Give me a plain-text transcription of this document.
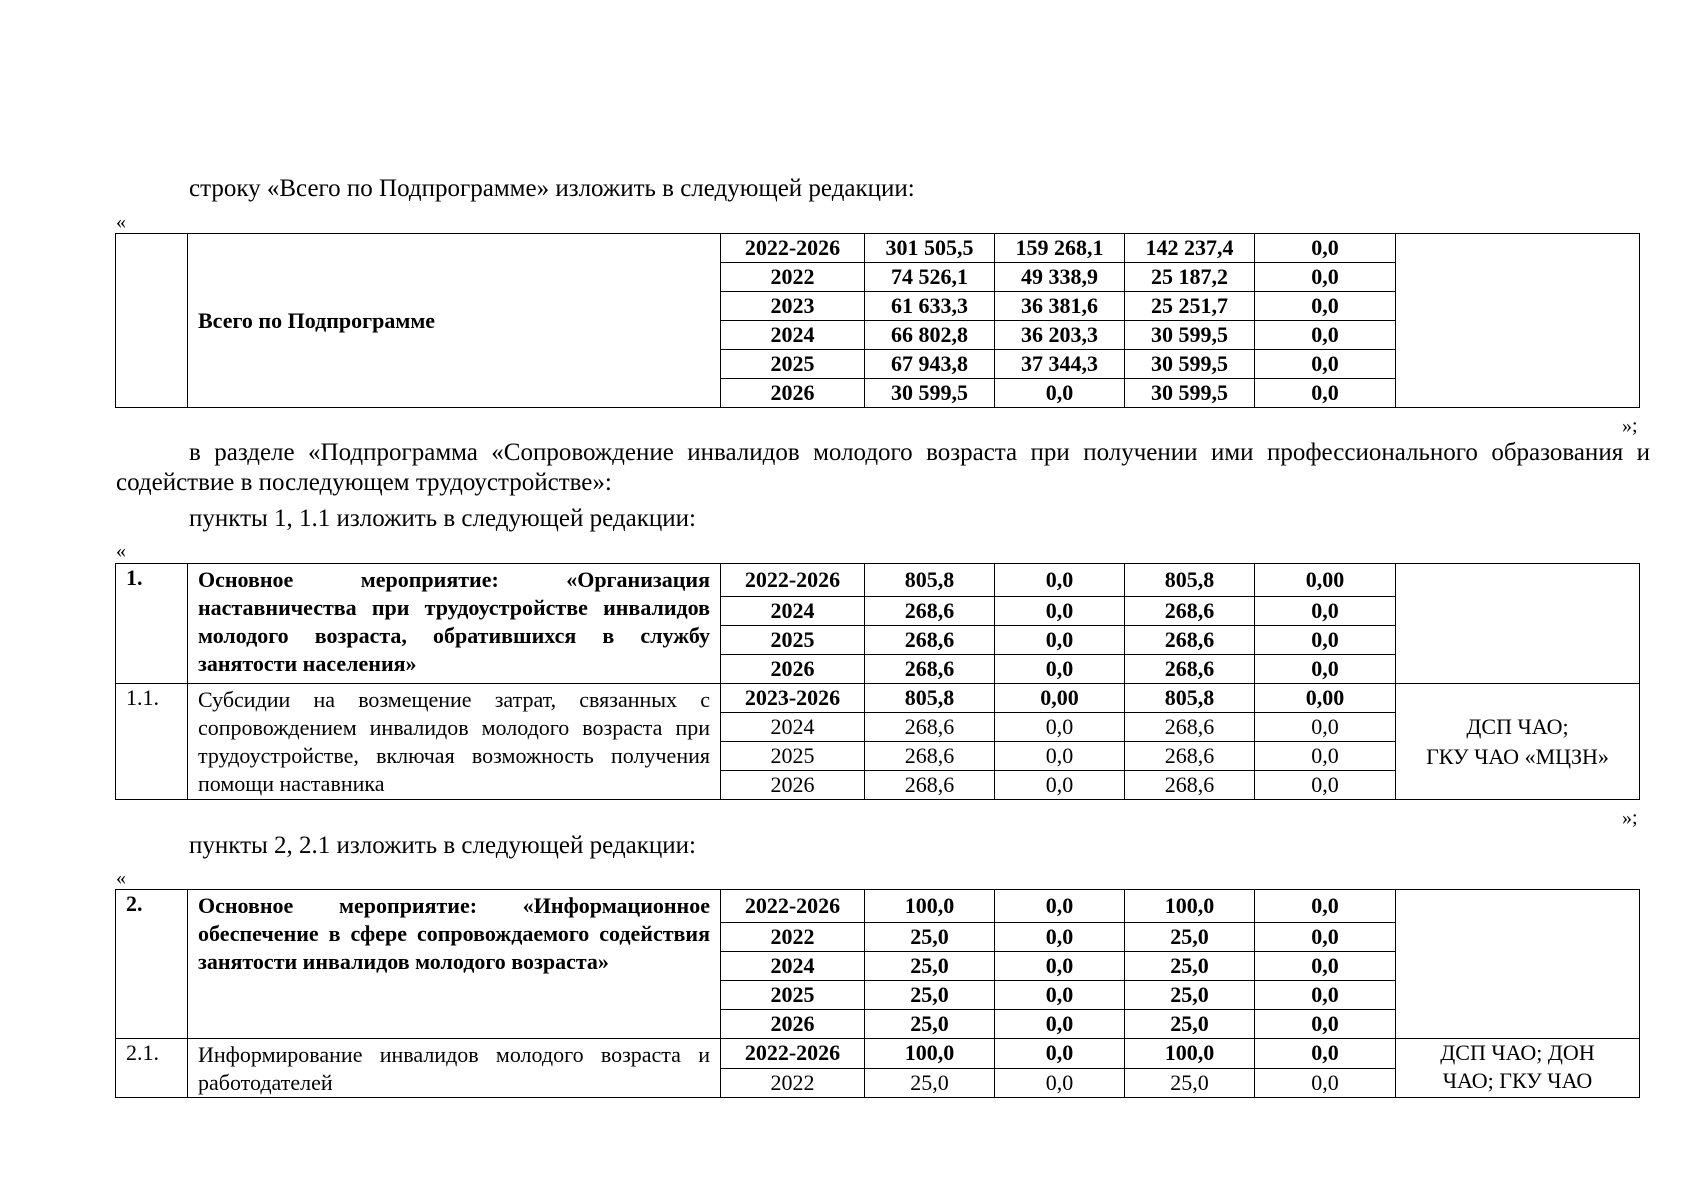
строку «Всего по Подпрограмме» изложить в следующей редакции:
«
	Всего по Подпрограмме	2022-2026	301 505,5	159 268,1	142 237,4	0,0	
		2022	74 526,1	49 338,9	25 187,2	0,0	
		2023	61 633,3	36 381,6	25 251,7	0,0	
		2024	66 802,8	36 203,3	30 599,5	0,0	
		2025	67 943,8	37 344,3	30 599,5	0,0	
		2026	30 599,5	0,0	30 599,5	0,0	
»;
в разделе «Подпрограмма «Сопровождение инвалидов молодого возраста при получении ими профессионального образования и содействие в последующем трудоустройстве»:
пункты 1, 1.1 изложить в следующей редакции:
«
1.	Основное мероприятие: «Организация наставничества при трудоустройстве инвалидов молодого возраста, обратившихся в службу занятости населения»	2022-2026	805,8	0,0	805,8	0,00	
		2024	268,6	0,0	268,6	0,0	
		2025	268,6	0,0	268,6	0,0	
		2026	268,6	0,0	268,6	0,0	
1.1.	Субсидии на возмещение затрат, связанных с сопровождением инвалидов молодого возраста при трудоустройстве, включая возможность получения помощи наставника	2023-2026	805,8	0,00	805,8	0,00	ДСП ЧАО;
ГКУ ЧАО «МЦЗН»

		2024	268,6	0,0	268,6	0,0	
		2025	268,6	0,0	268,6	0,0	
		2026	268,6	0,0	268,6	0,0	
»;
пункты 2, 2.1 изложить в следующей редакции:
«
2.	Основное мероприятие: «Информационное обеспечение в сфере сопровождаемого содействия занятости инвалидов молодого возраста»	2022-2026	100,0	0,0	100,0	0,0	
		2022	25,0	0,0	25,0	0,0	
		2024	25,0	0,0	25,0	0,0	
		2025	25,0	0,0	25,0	0,0	
		2026	25,0	0,0	25,0	0,0	
2.1.	Информирование инвалидов молодого возраста и работодателей	2022-2026	100,0	0,0	100,0	0,0	ДСП ЧАО; ДОН
ЧАО; ГКУ ЧАО

		2022	25,0	0,0	25,0	0,0	
